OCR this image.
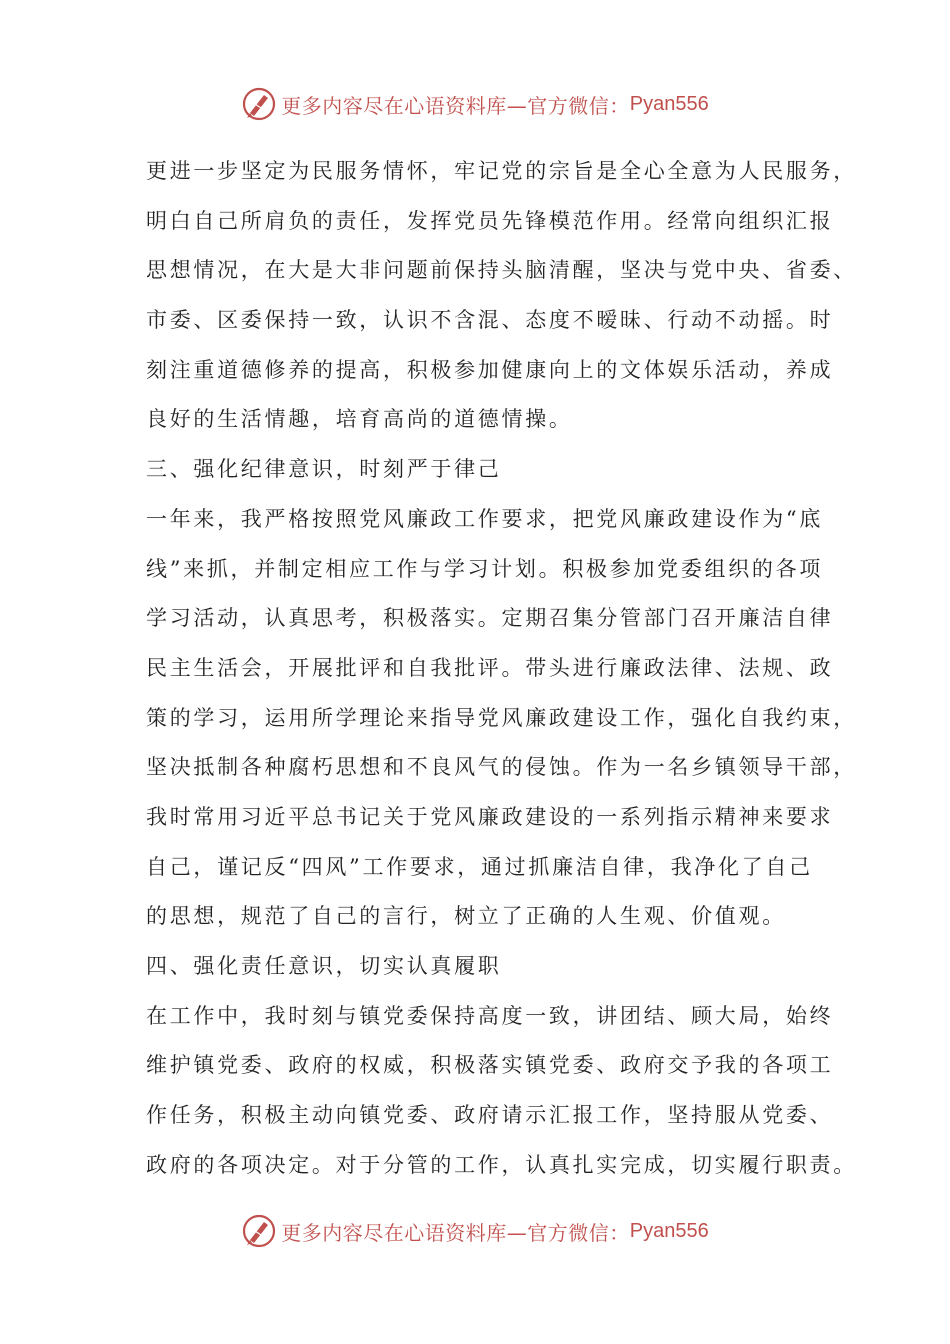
更多内容尽在心语资料库—官方微信： Pyan556
更进一步坚定为民服务情怀，牢记党的宗旨是全心全意为人民服务，
明白自己所肩负的责任，发挥党员先锋模范作用。经常向组织汇报
思想情况，在大是大非问题前保持头脑清醒，坚决与党中央、省委、
市委、区委保持一致，认识不含混、态度不暧昧、行动不动摇。时
刻注重道德修养的提高，积极参加健康向上的文体娱乐活动，养成
良好的生活情趣，培育高尚的道德情操。
三、强化纪律意识，时刻严于律己
一年来，我严格按照党风廉政工作要求，把党风廉政建设作为“底
线”来抓，并制定相应工作与学习计划。积极参加党委组织的各项
学习活动，认真思考，积极落实。定期召集分管部门召开廉洁自律
民主生活会，开展批评和自我批评。带头进行廉政法律、法规、政
策的学习，运用所学理论来指导党风廉政建设工作，强化自我约束，
坚决抵制各种腐朽思想和不良风气的侵蚀。作为一名乡镇领导干部，
我时常用习近平总书记关于党风廉政建设的一系列指示精神来要求
自己，谨记反“四风”工作要求，通过抓廉洁自律，我净化了自己
的思想，规范了自己的言行，树立了正确的人生观、价值观。
四、强化责任意识，切实认真履职
在工作中，我时刻与镇党委保持高度一致，讲团结、顾大局，始终
维护镇党委、政府的权威，积极落实镇党委、政府交予我的各项工
作任务，积极主动向镇党委、政府请示汇报工作，坚持服从党委、
政府的各项决定。对于分管的工作，认真扎实完成，切实履行职责。
更多内容尽在心语资料库—官方微信： Pyan556
